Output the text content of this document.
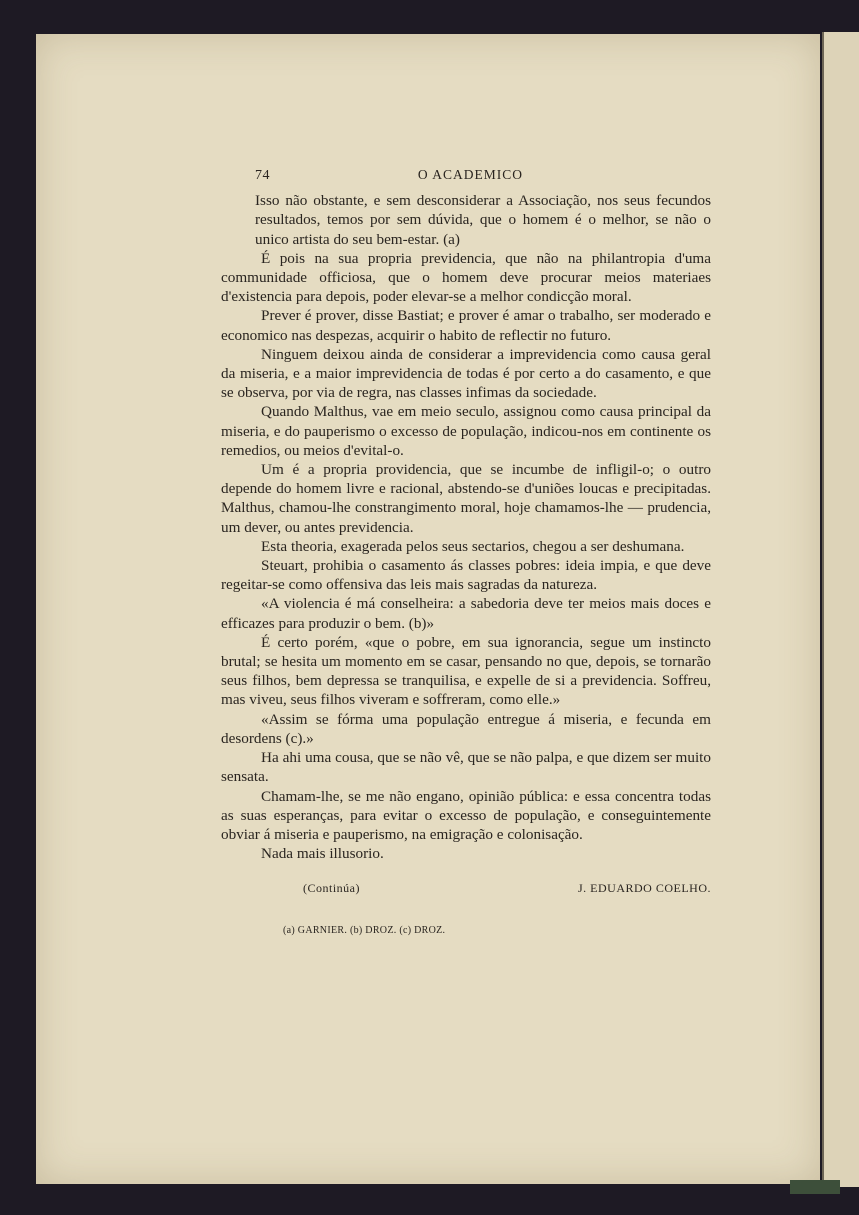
74	O ACADEMICO

Isso não obstante, e sem desconsiderar a Associação, nos seus fecundos resultados, temos por sem dúvida, que o homem é o melhor, se não o unico artista do seu bem-estar. (a)

É pois na sua propria previdencia, que não na philantropia d'uma communidade officiosa, que o homem deve procurar meios materiaes d'existencia para depois, poder elevar-se a melhor condicção moral.

Prever é prover, disse Bastiat; e prover é amar o trabalho, ser moderado e economico nas despezas, acquirir o habito de reflectir no futuro.

Ninguem deixou ainda de considerar a imprevidencia como causa geral da miseria, e a maior imprevidencia de todas é por certo a do casamento, e que se observa, por via de regra, nas classes infimas da sociedade.

Quando Malthus, vae em meio seculo, assignou como causa principal da miseria, e do pauperismo o excesso de população, indicou-nos em continente os remedios, ou meios d'evital-o.

Um é a propria providencia, que se incumbe de infligil-o; o outro depende do homem livre e racional, abstendo-se d'uniões loucas e precipitadas. Malthus, chamou-lhe constrangimento moral, hoje chamamos-lhe — prudencia, um dever, ou antes previdencia.

Esta theoria, exagerada pelos seus sectarios, chegou a ser deshumana.

Steuart, prohibia o casamento ás classes pobres: ideia impia, e que deve regeitar-se como offensiva das leis mais sagradas da natureza.

«A violencia é má conselheira: a sabedoria deve ter meios mais doces e efficazes para produzir o bem. (b)»

É certo porém, «que o pobre, em sua ignorancia, segue um instincto brutal; se hesita um momento em se casar, pensando no que, depois, se tornarão seus filhos, bem depressa se tranquilisa, e expelle de si a previdencia. Soffreu, mas viveu, seus filhos viveram e soffreram, como elle.»

«Assim se fórma uma população entregue á miseria, e fecunda em desordens (c).»

Ha ahi uma cousa, que se não vê, que se não palpa, e que dizem ser muito sensata.

Chamam-lhe, se me não engano, opinião pública: e essa concentra todas as suas esperanças, para evitar o excesso de população, e conseguintemente obviar á miseria e pauperismo, na emigração e colonisação.

Nada mais illusorio.

(Continúa)	J. EDUARDO COELHO.
(a) GARNIER. (b) DROZ. (c) DROZ.
